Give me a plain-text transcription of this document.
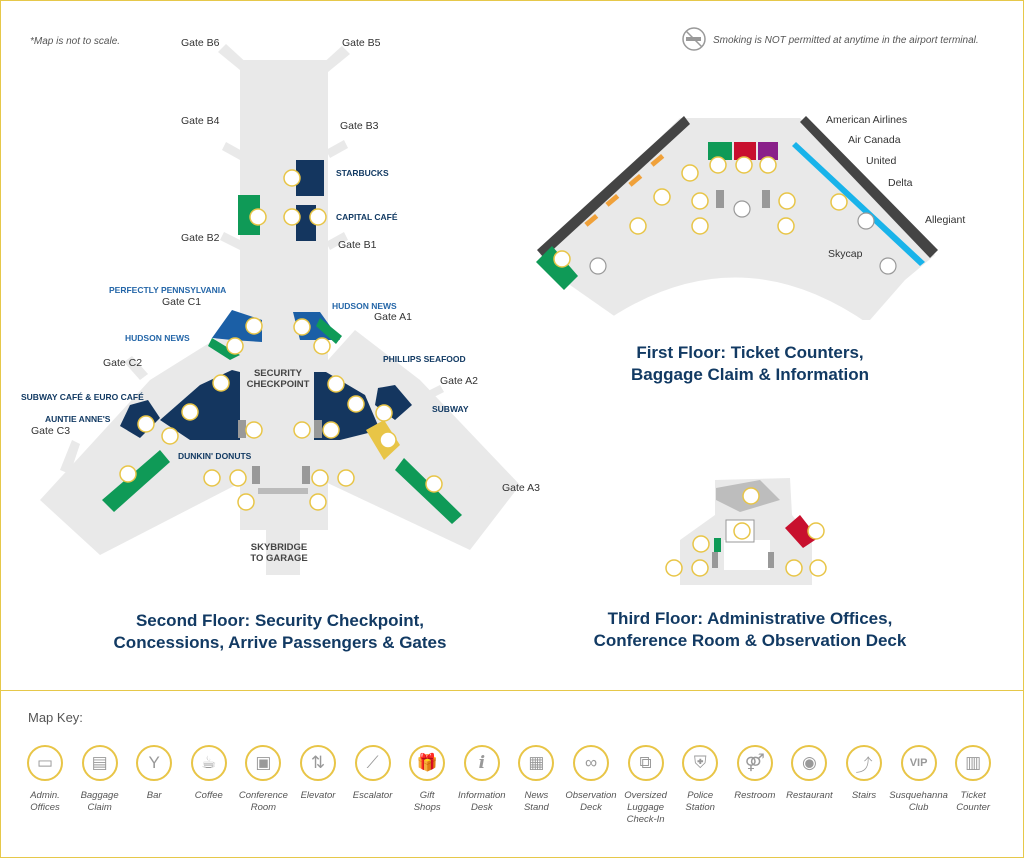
*Map is not to scale.	Smoking is NOT permitted at anytime in the airport terminal.
Gate B6	Gate B5
Gate B4	Gate B3
Gate B2
Gate B1
Gate C1
Gate C2
Gate C3
Gate A1
Gate A2
Gate A3
STARBUCKS
CAPITAL CAFÉ
PERFECTLY PENNSYLVANIA
HUDSON NEWS
HUDSON NEWS
PHILLIPS SEAFOOD
SUBWAY CAFÉ & EURO CAFÉ
AUNTIE ANNE'S
SUBWAY
DUNKIN' DONUTS
SECURITY
CHECKPOINT
SKYBRIDGE
TO GARAGE
American Airlines
Air Canada
United
Delta
Allegiant
Skycap
Second Floor: Security Checkpoint,
Concessions, Arrive Passengers & Gates
First Floor: Ticket Counters,
Baggage Claim & Information
Third Floor: Administrative Offices,
Conference Room & Observation Deck
Map Key:
▭
Admin.
Offices
▤
Baggage
Claim
Y
Bar
☕
Coffee
▣
Conference
Room
⇅
Elevator
⟋
Escalator
🎁
Gift
Shops
i
Information
Desk
▦
News
Stand
∞
Observation
Deck
⧉
Oversized
Luggage
Check-In
⛨
Police
Station
⚤
Restroom
◉
Restaurant
⤴
Stairs
VIP
Susquehanna
Club
▥
Ticket
Counter
